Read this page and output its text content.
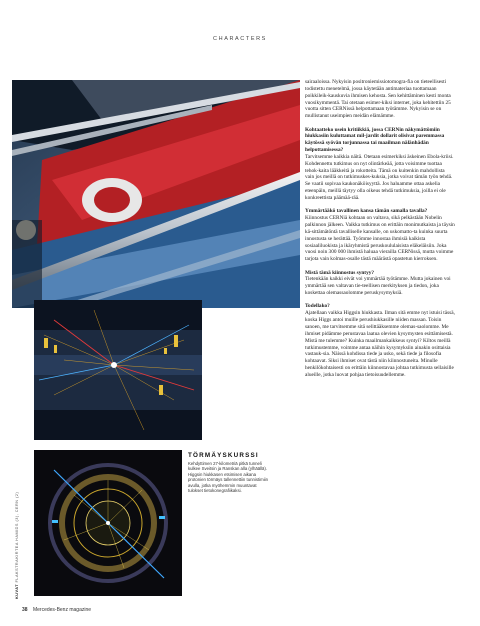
CHARACTERS
TÖRMÄYSKURSSI
Kehdyttimen 27-kilometriä pitkä tunneli kulkee Sveitsin ja Ranskan alla (ylhäällä). Higgsin hiukkasen etsimisen aikana protonien törmäys tallennettiin tunnistimiin avulla, jotka myöhemmin muuntavat tulokset tietokonegrafiikaksi.
KUVAT FLAKSTRAKIRTEA HAMIDS (3), CERN (2)
38 Mercedes-Benz magazine

sairaaloissa. Nykyisin positroniemissiotomogra-fia on tieteellisesti todistettu menetelmä, jossa käytetään antimateriaa tuottamaan poikkileik-kauskuvia ihmisen kehosta. Sen kehittäminen kesti monta vuosikymmentä. Tai otetaan esimer-kiksi internet, joka kehitettiin 25 vuotta sitten CERNissä helpottamaan työtämme. Nykyisin se on mullistanut useimpien meidän elämämme.

Kohtaatteko usein kritiikkiä, jossa CERNin näkymättömiin hiukkasiin kuluttamat mil-jardit dollarit olisivat paremmassa käytössä syövän torjunnassa tai maailman nälänhädän helpottamisessa?

Tarvitsemme kaikkia näitä. Otetaan esimerkiksi äskeinen Ebola-kriisi. Kohdennettu tutkimus on nyt olintärkeää, jotta voisimme tuottaa tehok-kaita lääkkeitä ja rokotteita. Tämä on kuitenkin mahdollista vain jos meillä on tutkimuskes-kuksia, jotka voivat tämän työn tehdä. Se vaatii sopivaa kaukonäköisyyttä. Jos haluamme ottaa askelia eteenpäin, meillä täytyy olla oikeus tehdä tutkimuksia, joilla ei ole konkreettista päämää-rää.

Ymmärtääkö tavallinen kansa tämän samalla tavalla?

Kiinnostus CERNiä kohtaan on valtava, sikä pelkästään Nobelin palkinnon jälkeen. Vaikka tutkimus on erittäin monimutkaista ja täysin kä-sittämätöntä tavalliselle kansalle, on uskomatto-ta kuinka suurta innostusta se herättää. Työmme innostaa ihmisiä kaikista sosiaaliluokista ja ikäryhmistä peruskoululaisista eläkeläisiin. Joka vuosi noin 300 000 ihmistä haluaa vierailla CERNissä, mutta voimme tarjota vain kolmas-osalle tästä määrästä opastetun kierroksen.

Mistä tämä kiinnostus syntyy?

Tietenkään kaikki eivät voi ymmärtää työtämme. Mutta jokainen voi ymmärtää sen valtavan tie-teellisen merkityksen ja tiedon, joka koskettaa olemassaolomme peruskysymyksiä.

Todellako?

Ajatellaan vaikka Higgsin hiukkasta. Ilman sitä emme nyt istuisi tässä, koska Higgs antoi muille perushiukkasille niiden massan. Toisin sanoen, me tarvitsemme sitä selittääksemme olemas-saolomme. Me ihmiset pidämme perustavaa laatua olevien kysymysten esittämisestä. Mistä me tulemme? Kuinka maailmankaikkeus syntyi? Kiltos meillä tutkimustemme, voimme antaa näihin kysymyksiin ainakin osittaisia vastauk-sia. Näissä kohdissa tiede ja usko, sekä tiede ja filosofia kohtaavat. Siksi ihmiset ovat tästä niin kiinnostuneita. Minulle henkilökohtaisesti on erittäin kiinnostavaa johtaa tutkimusta sellaisille alueille, jotka luovat pohjaa tietoisuudellemme.
